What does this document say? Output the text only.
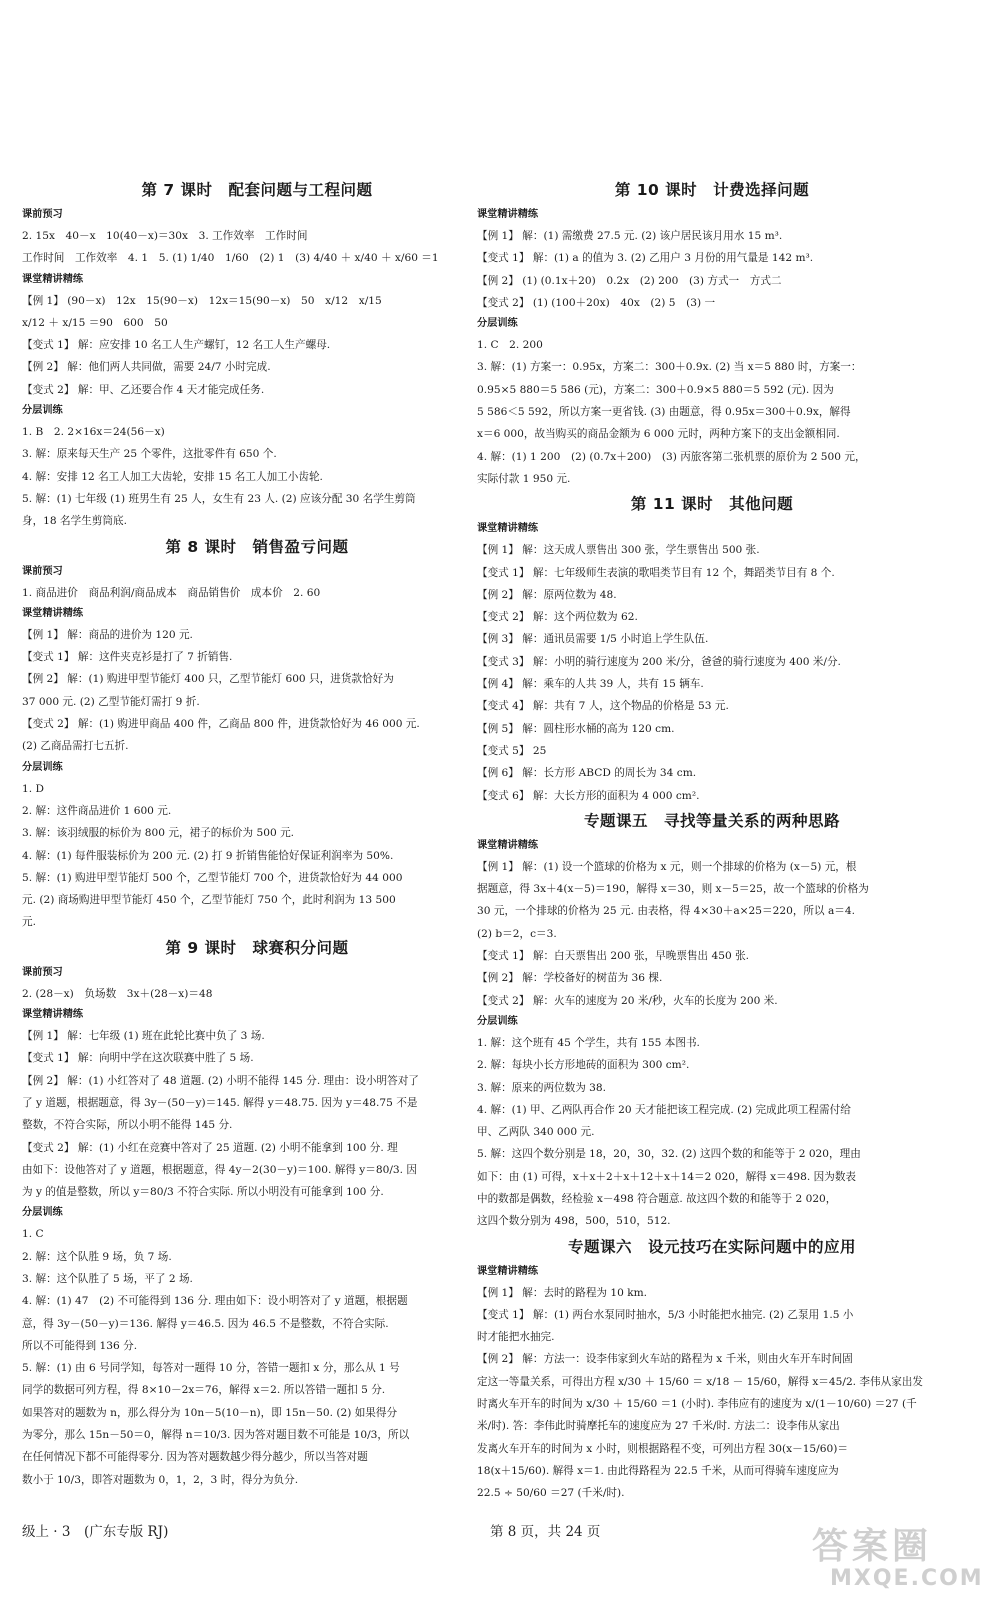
第 7 课时　配套问题与工程问题
课前预习
2. 15x　40－x　10(40－x)＝30x　3. 工作效率　工作时间
工作时间　工作效率　4. 1　5. (1) 1/40　1/60　(2) 1　(3) 4/40 ＋ x/40 ＋ x/60 ＝1
课堂精讲精练
【例 1】 (90－x)　12x　15(90－x)　12x＝15(90－x)　50　x/12　x/15
x/12 ＋ x/15 ＝90　600　50
【变式 1】 解：应安排 10 名工人生产螺钉，12 名工人生产螺母.
【例 2】 解：他们两人共同做，需要 24/7 小时完成.
【变式 2】 解：甲、乙还要合作 4 天才能完成任务.
分层训练
1. B　2. 2×16x＝24(56－x)
3. 解：原来每天生产 25 个零件，这批零件有 650 个.
4. 解：安排 12 名工人加工大齿轮，安排 15 名工人加工小齿轮.
5. 解：(1) 七年级 (1) 班男生有 25 人，女生有 23 人. (2) 应该分配 30 名学生剪筒
身，18 名学生剪筒底.
第 8 课时　销售盈亏问题
课前预习
1. 商品进价　商品利润/商品成本　商品销售价　成本价　2. 60
课堂精讲精练
【例 1】 解：商品的进价为 120 元.
【变式 1】 解：这件夹克衫是打了 7 折销售.
【例 2】 解：(1) 购进甲型节能灯 400 只，乙型节能灯 600 只，进货款恰好为
37 000 元. (2) 乙型节能灯需打 9 折.
【变式 2】 解：(1) 购进甲商品 400 件，乙商品 800 件，进货款恰好为 46 000 元.
(2) 乙商品需打七五折.
分层训练
1. D
2. 解：这件商品进价 1 600 元.
3. 解：该羽绒服的标价为 800 元，裙子的标价为 500 元.
4. 解：(1) 每件服装标价为 200 元. (2) 打 9 折销售能恰好保证利润率为 50%.
5. 解：(1) 购进甲型节能灯 500 个，乙型节能灯 700 个，进货款恰好为 44 000
元. (2) 商场购进甲型节能灯 450 个，乙型节能灯 750 个，此时利润为 13 500
元.
第 9 课时　球赛积分问题
课前预习
2. (28－x)　负场数　3x＋(28－x)＝48
课堂精讲精练
【例 1】 解：七年级 (1) 班在此轮比赛中负了 3 场.
【变式 1】 解：向明中学在这次联赛中胜了 5 场.
【例 2】 解：(1) 小红答对了 48 道题. (2) 小明不能得 145 分. 理由：设小明答对了
了 y 道题，根据题意，得 3y－(50－y)＝145. 解得 y＝48.75. 因为 y＝48.75 不是
整数，不符合实际，所以小明不能得 145 分.
【变式 2】 解：(1) 小红在竞赛中答对了 25 道题. (2) 小明不能拿到 100 分. 理
由如下：设他答对了 y 道题，根据题意，得 4y－2(30－y)＝100. 解得 y＝80/3. 因
为 y 的值是整数，所以 y＝80/3 不符合实际. 所以小明没有可能拿到 100 分.
分层训练
1. C
2. 解：这个队胜 9 场，负 7 场.
3. 解：这个队胜了 5 场，平了 2 场.
4. 解：(1) 47　(2) 不可能得到 136 分. 理由如下：设小明答对了 y 道题，根据题
意，得 3y－(50－y)＝136. 解得 y＝46.5. 因为 46.5 不是整数，不符合实际.
所以不可能得到 136 分.
5. 解：(1) 由 6 号同学知，每答对一题得 10 分，答错一题扣 x 分，那么从 1 号
同学的数据可列方程，得 8×10－2x＝76，解得 x＝2. 所以答错一题扣 5 分.
如果答对的题数为 n，那么得分为 10n－5(10－n)，即 15n－50. (2) 如果得分
为零分，那么 15n－50＝0，解得 n＝10/3. 因为答对题目数不可能是 10/3，所以
在任何情况下都不可能得零分. 因为答对题数越少得分越少，所以当答对题
数小于 10/3，即答对题数为 0，1，2，3 时，得分为负分.
第 10 课时　计费选择问题
课堂精讲精练
【例 1】 解：(1) 需缴费 27.5 元. (2) 该户居民该月用水 15 m³.
【变式 1】 解：(1) a 的值为 3. (2) 乙用户 3 月份的用气量是 142 m³.
【例 2】 (1) (0.1x＋20)　0.2x　(2) 200　(3) 方式一　方式二
【变式 2】 (1) (100＋20x)　40x　(2) 5　(3) 一
分层训练
1. C　2. 200
3. 解：(1) 方案一：0.95x，方案二：300＋0.9x. (2) 当 x＝5 880 时，方案一：
0.95×5 880＝5 586 (元)，方案二：300＋0.9×5 880＝5 592 (元). 因为
5 586＜5 592，所以方案一更省钱. (3) 由题意，得 0.95x＝300＋0.9x，解得
x＝6 000，故当购买的商品金额为 6 000 元时，两种方案下的支出金额相同.
4. 解：(1) 1 200　(2) (0.7x＋200)　(3) 丙旅客第二张机票的原价为 2 500 元，
实际付款 1 950 元.
第 11 课时　其他问题
课堂精讲精练
【例 1】 解：这天成人票售出 300 张，学生票售出 500 张.
【变式 1】 解：七年级师生表演的歌唱类节目有 12 个，舞蹈类节目有 8 个.
【例 2】 解：原两位数为 48.
【变式 2】 解：这个两位数为 62.
【例 3】 解：通讯员需要 1/5 小时追上学生队伍.
【变式 3】 解：小明的骑行速度为 200 米/分，爸爸的骑行速度为 400 米/分.
【例 4】 解：乘车的人共 39 人，共有 15 辆车.
【变式 4】 解：共有 7 人，这个物品的价格是 53 元.
【例 5】 解：圆柱形水桶的高为 120 cm.
【变式 5】 25
【例 6】 解：长方形 ABCD 的周长为 34 cm.
【变式 6】 解：大长方形的面积为 4 000 cm².
专题课五　寻找等量关系的两种思路
课堂精讲精练
【例 1】 解：(1) 设一个篮球的价格为 x 元，则一个排球的价格为 (x－5) 元，根
据题意，得 3x＋4(x－5)＝190，解得 x＝30，则 x－5＝25，故一个篮球的价格为
30 元，一个排球的价格为 25 元. 由表格，得 4×30＋a×25＝220，所以 a＝4.
(2) b＝2，c＝3.
【变式 1】 解：白天票售出 200 张，早晚票售出 450 张.
【例 2】 解：学校备好的树苗为 36 棵.
【变式 2】 解：火车的速度为 20 米/秒，火车的长度为 200 米.
分层训练
1. 解：这个班有 45 个学生，共有 155 本图书.
2. 解：每块小长方形地砖的面积为 300 cm².
3. 解：原来的两位数为 38.
4. 解：(1) 甲、乙两队再合作 20 天才能把该工程完成. (2) 完成此项工程需付给
甲、乙两队 340 000 元.
5. 解：这四个数分别是 18，20，30，32. (2) 这四个数的和能等于 2 020，理由
如下：由 (1) 可得，x＋x＋2＋x＋12＋x＋14＝2 020，解得 x＝498. 因为数表
中的数都是偶数，经检验 x－498 符合题意. 故这四个数的和能等于 2 020，
这四个数分别为 498，500，510，512.
专题课六　设元技巧在实际问题中的应用
课堂精讲精练
【例 1】 解：去时的路程为 10 km.
【变式 1】 解：(1) 两台水泵同时抽水，5/3 小时能把水抽完. (2) 乙泵用 1.5 小
时才能把水抽完.
【例 2】 解：方法一：设李伟家到火车站的路程为 x 千米，则由火车开车时间固
定这一等量关系，可得出方程 x/30 ＋ 15/60 ＝ x/18 － 15/60，解得 x＝45/2. 李伟从家出发
时离火车开车的时间为 x/30 ＋ 15/60 ＝1 (小时). 李伟应有的速度为 x/(1－10/60) ＝27 (千
米/时). 答：李伟此时骑摩托车的速度应为 27 千米/时. 方法二：设李伟从家出
发离火车开车的时间为 x 小时，则根据路程不变，可列出方程 30(x－15/60)＝
18(x＋15/60). 解得 x＝1. 由此得路程为 22.5 千米，从而可得骑车速度应为
22.5 ÷ 50/60 ＝27 (千米/时).
级上 · 3　(广东专版 RJ)	第 8 页，共 24 页	答案圈
MXQE.COM
